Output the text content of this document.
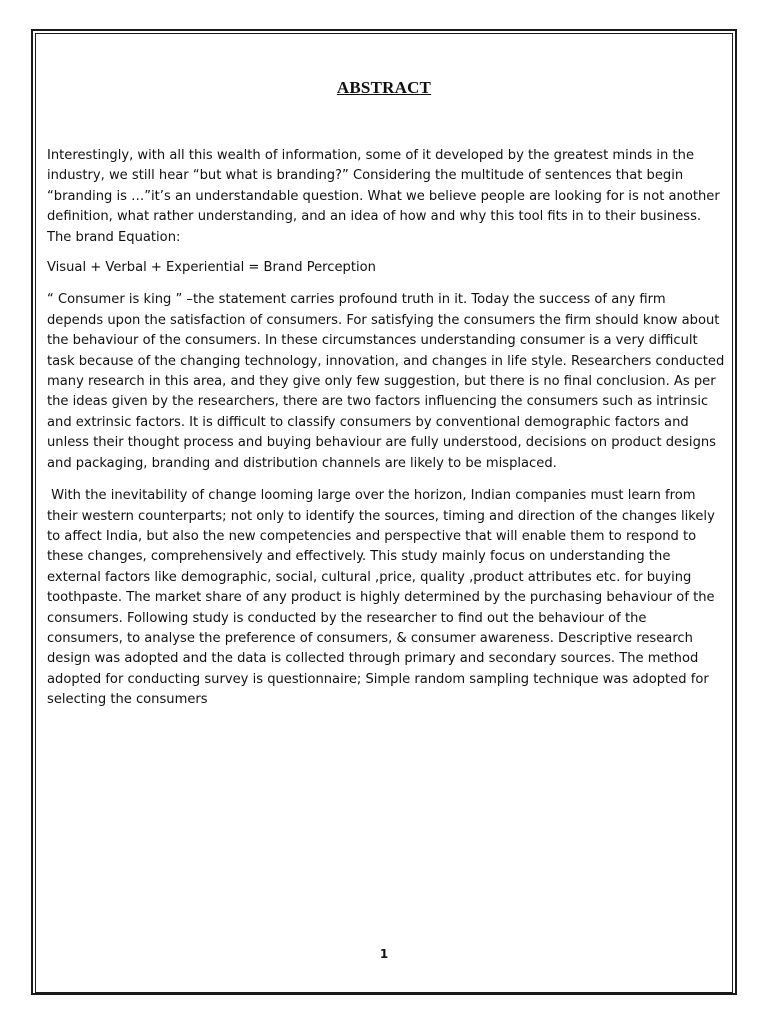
ABSTRACT

Interestingly, with all this wealth of information, some of it developed by the greatest minds in the industry, we still hear “but what is branding?” Considering the multitude of sentences that begin “branding is …”it’s an understandable question. What we believe people are looking for is not another definition, what rather understanding, and an idea of how and why this tool fits in to their business. The brand Equation:

Visual + Verbal + Experiential = Brand Perception

“ Consumer is king ” –the statement carries profound truth in it. Today the success of any firm depends upon the satisfaction of consumers. For satisfying the consumers the firm should know about the behaviour of the consumers. In these circumstances understanding consumer is a very difficult task because of the changing technology, innovation, and changes in life style. Researchers conducted many research in this area, and they give only few suggestion, but there is no final conclusion. As per the ideas given by the researchers, there are two factors influencing the consumers such as intrinsic and extrinsic factors. It is difficult to classify consumers by conventional demographic factors and unless their thought process and buying behaviour are fully understood, decisions on product designs and packaging, branding and distribution channels are likely to be misplaced.

With the inevitability of change looming large over the horizon, Indian companies must learn from their western counterparts; not only to identify the sources, timing and direction of the changes likely to affect India, but also the new competencies and perspective that will enable them to respond to these changes, comprehensively and effectively. This study mainly focus on understanding the external factors like demographic, social, cultural ,price, quality ,product attributes etc. for buying toothpaste. The market share of any product is highly determined by the purchasing behaviour of the consumers. Following study is conducted by the researcher to find out the behaviour of the consumers, to analyse the preference of consumers, & consumer awareness. Descriptive research design was adopted and the data is collected through primary and secondary sources. The method adopted for conducting survey is questionnaire; Simple random sampling technique was adopted for selecting the consumers

1
